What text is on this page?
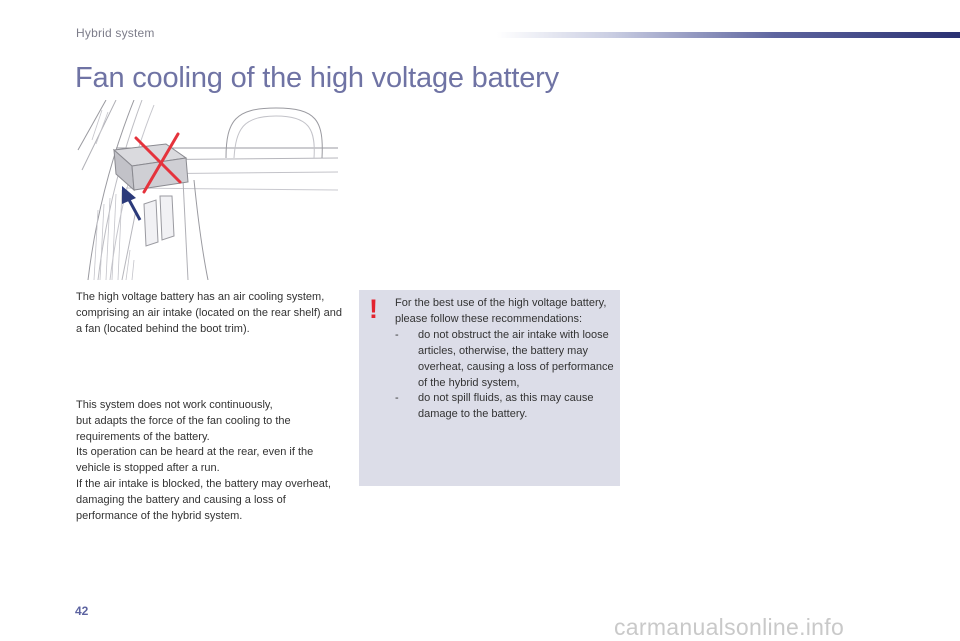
Hybrid system
Fan cooling of the high voltage battery

The high voltage battery has an air cooling system, comprising an air intake (located on the rear shelf) and a fan (located behind the boot trim).

This system does not work continuously,

but adapts the force of the fan cooling to the requirements of the battery.

Its operation can be heard at the rear, even if the vehicle is stopped after a run.

If the air intake is blocked, the battery may overheat, damaging the battery and causing a loss of performance of the hybrid system.

! For the best use of the high voltage battery, please follow these recommendations:
- do not obstruct the air intake with loose articles, otherwise, the battery may overheat, causing a loss of performance of the hybrid system,
- do not spill fluids, as this may cause damage to the battery.
42
carmanualsonline.info
